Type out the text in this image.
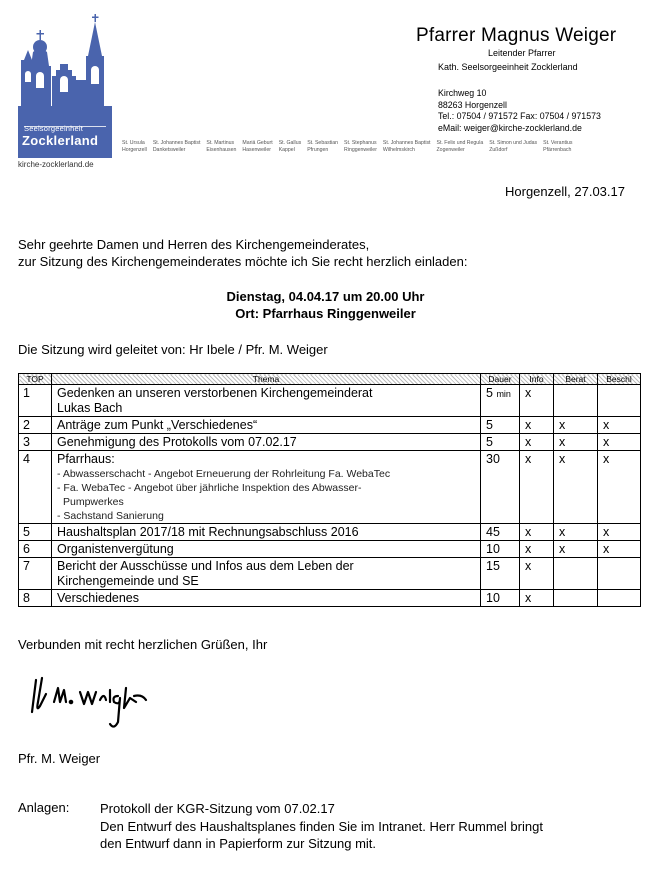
Seelsorgeeinheit
Zocklerland
kirche-zocklerland.de
St. Ursula
Horgenzell
St. Johannes Baptist
Danketsweiler
St. Martinus
Eisenhausen
Mariä Geburt
Hasenweiler
St. Gallus
Kappel
St. Sebastian
Pfrungen
St. Stephanus
Ringgenweiler
St. Johannes Baptist
Wilhelmskirch
St. Felix und Regula
Zogenweiler
St. Simon und Judas
Zußdorf
St. Verantius
Pfärrenbach
Pfarrer Magnus Weiger
Leitender Pfarrer
Kath. Seelsorgeeinheit Zocklerland
Kirchweg 10
88263 Horgenzell
Tel.: 07504 / 971572 Fax: 07504 / 971573
eMail: weiger@kirche-zocklerland.de
Horgenzell, 27.03.17
Sehr geehrte Damen und Herren des Kirchengemeinderates,
zur Sitzung des Kirchengemeinderates möchte ich Sie recht herzlich einladen:
Dienstag, 04.04.17 um 20.00 Uhr
Ort: Pfarrhaus Ringgenweiler
Die Sitzung wird geleitet von: Hr Ibele / Pfr. M. Weiger
TOP	Thema	Dauer	Info	Berat	Beschl
1	Gedenken an unseren verstorbenen Kirchengemeinderat
Lukas Bach	5 min	x		
2	Anträge zum Punkt „Verschiedenes“	5	x	x	x
3	Genehmigung des Protokolls vom 07.02.17	5	x	x	x
4	Pfarrhaus:
- Abwasserschacht - Angebot Erneuerung der Rohrleitung Fa. WebaTec
- Fa. WebaTec - Angebot über jährliche Inspektion des Abwasser-
Pumpwerkes
- Sachstand Sanierung	30	x	x	x
5	Haushaltsplan 2017/18 mit Rechnungsabschluss 2016	45	x	x	x
6	Organistenvergütung	10	x	x	x
7	Bericht der Ausschüsse und Infos aus dem Leben der
Kirchengemeinde und SE	15	x		
8	Verschiedenes	10	x		
Verbunden mit recht herzlichen Grüßen, Ihr
Pfr. M. Weiger
Anlagen: Protokoll der KGR-Sitzung vom 07.02.17
Den Entwurf des Haushaltsplanes finden Sie im Intranet. Herr Rummel bringt
den Entwurf dann in Papierform zur Sitzung mit.
